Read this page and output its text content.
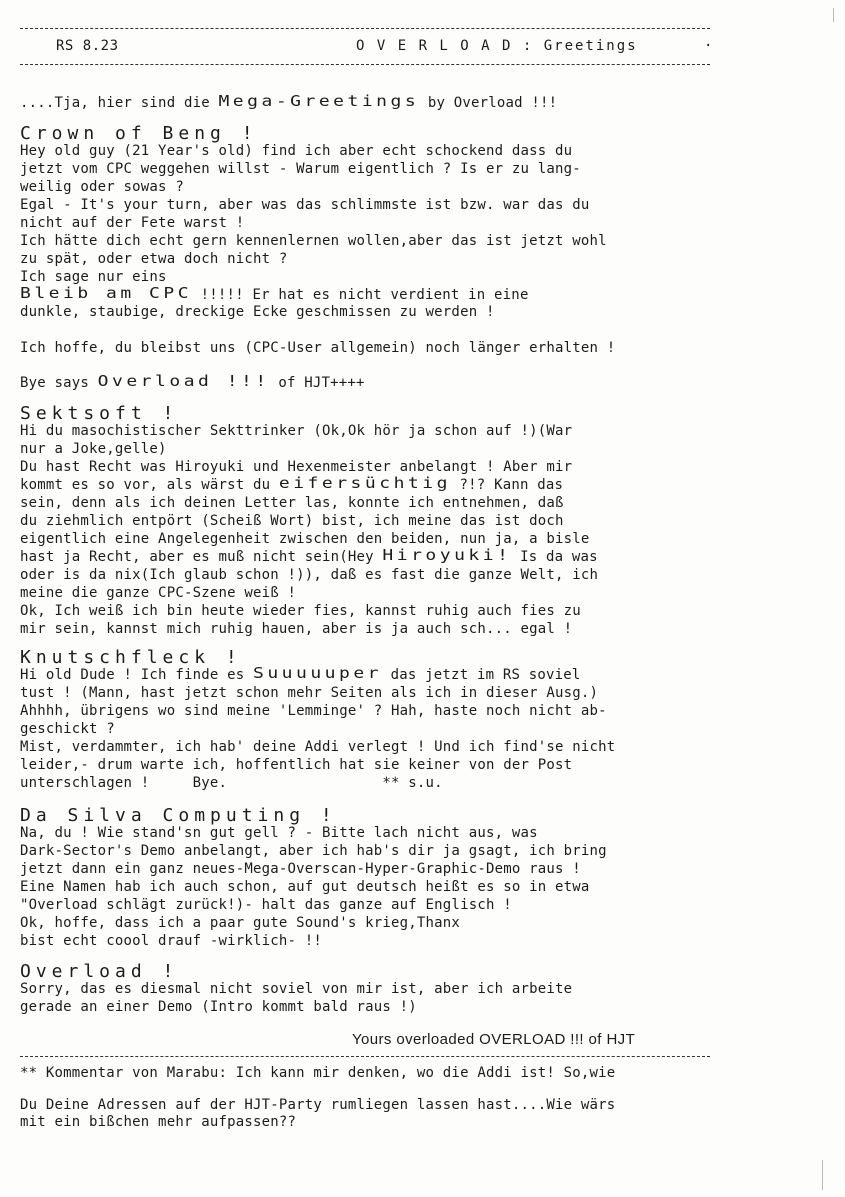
RS 8.23	O V E R L O A D : Greetings	·
....Tja, hier sind die Mega-Greetings by Overload !!!
Crown of Beng !
Hey old guy (21 Year's old) find ich aber echt schockend dass du
jetzt vom CPC weggehen willst - Warum eigentlich ? Is er zu lang-
weilig oder sowas ?
Egal - It's your turn, aber was das schlimmste ist bzw. war das du
nicht auf der Fete warst !
Ich hätte dich echt gern kennenlernen wollen,aber das ist jetzt wohl
zu spät, oder etwa doch nicht ?
Ich sage nur eins
Bleib am CPC !!!!! Er hat es nicht verdient in eine
dunkle, staubige, dreckige Ecke geschmissen zu werden !
Ich hoffe, du bleibst uns (CPC-User allgemein) noch länger erhalten !
Bye says Overload !!! of HJT++++
Sektsoft !
Hi du masochistischer Sekttrinker (Ok,Ok hör ja schon auf !)(War
nur a Joke,gelle)
Du hast Recht was Hiroyuki und Hexenmeister anbelangt ! Aber mir
kommt es so vor, als wärst du eifersüchtig ?!? Kann das
sein, denn als ich deinen Letter las, konnte ich entnehmen, daß
du ziehmlich entpört (Scheiß Wort) bist, ich meine das ist doch
eigentlich eine Angelegenheit zwischen den beiden, nun ja, a bisle
hast ja Recht, aber es muß nicht sein(Hey Hiroyuki! Is da was
oder is da nix(Ich glaub schon !)), daß es fast die ganze Welt, ich
meine die ganze CPC-Szene weiß !
Ok, Ich weiß ich bin heute wieder fies, kannst ruhig auch fies zu
mir sein, kannst mich ruhig hauen, aber is ja auch sch... egal !
Knutschfleck !
Hi old Dude ! Ich finde es Suuuuuper das jetzt im RS soviel
tust ! (Mann, hast jetzt schon mehr Seiten als ich in dieser Ausg.)
Ahhhh, übrigens wo sind meine 'Lemminge' ? Hah, haste noch nicht ab-
geschickt ?
Mist, verdammter, ich hab' deine Addi verlegt ! Und ich find'se nicht
leider,- drum warte ich, hoffentlich hat sie keiner von der Post
unterschlagen !     Bye.                  ** s.u.
Da Silva Computing !
Na, du ! Wie stand'sn gut gell ? - Bitte lach nicht aus, was
Dark-Sector's Demo anbelangt, aber ich hab's dir ja gsagt, ich bring
jetzt dann ein ganz neues-Mega-Overscan-Hyper-Graphic-Demo raus !
Eine Namen hab ich auch schon, auf gut deutsch heißt es so in etwa
"Overload schlägt zurück!)- halt das ganze auf Englisch !
Ok, hoffe, dass ich a paar gute Sound's krieg,Thanx
bist echt coool drauf -wirklich- !!
Overload !
Sorry, das es diesmal nicht soviel von mir ist, aber ich arbeite
gerade an einer Demo (Intro kommt bald raus !)
Yours overloaded OVERLOAD !!! of HJT
** Kommentar von Marabu: Ich kann mir denken, wo die Addi ist! So,wie
Du Deine Adressen auf der HJT-Party rumliegen lassen hast....Wie wärs
mit ein bißchen mehr aufpassen??
